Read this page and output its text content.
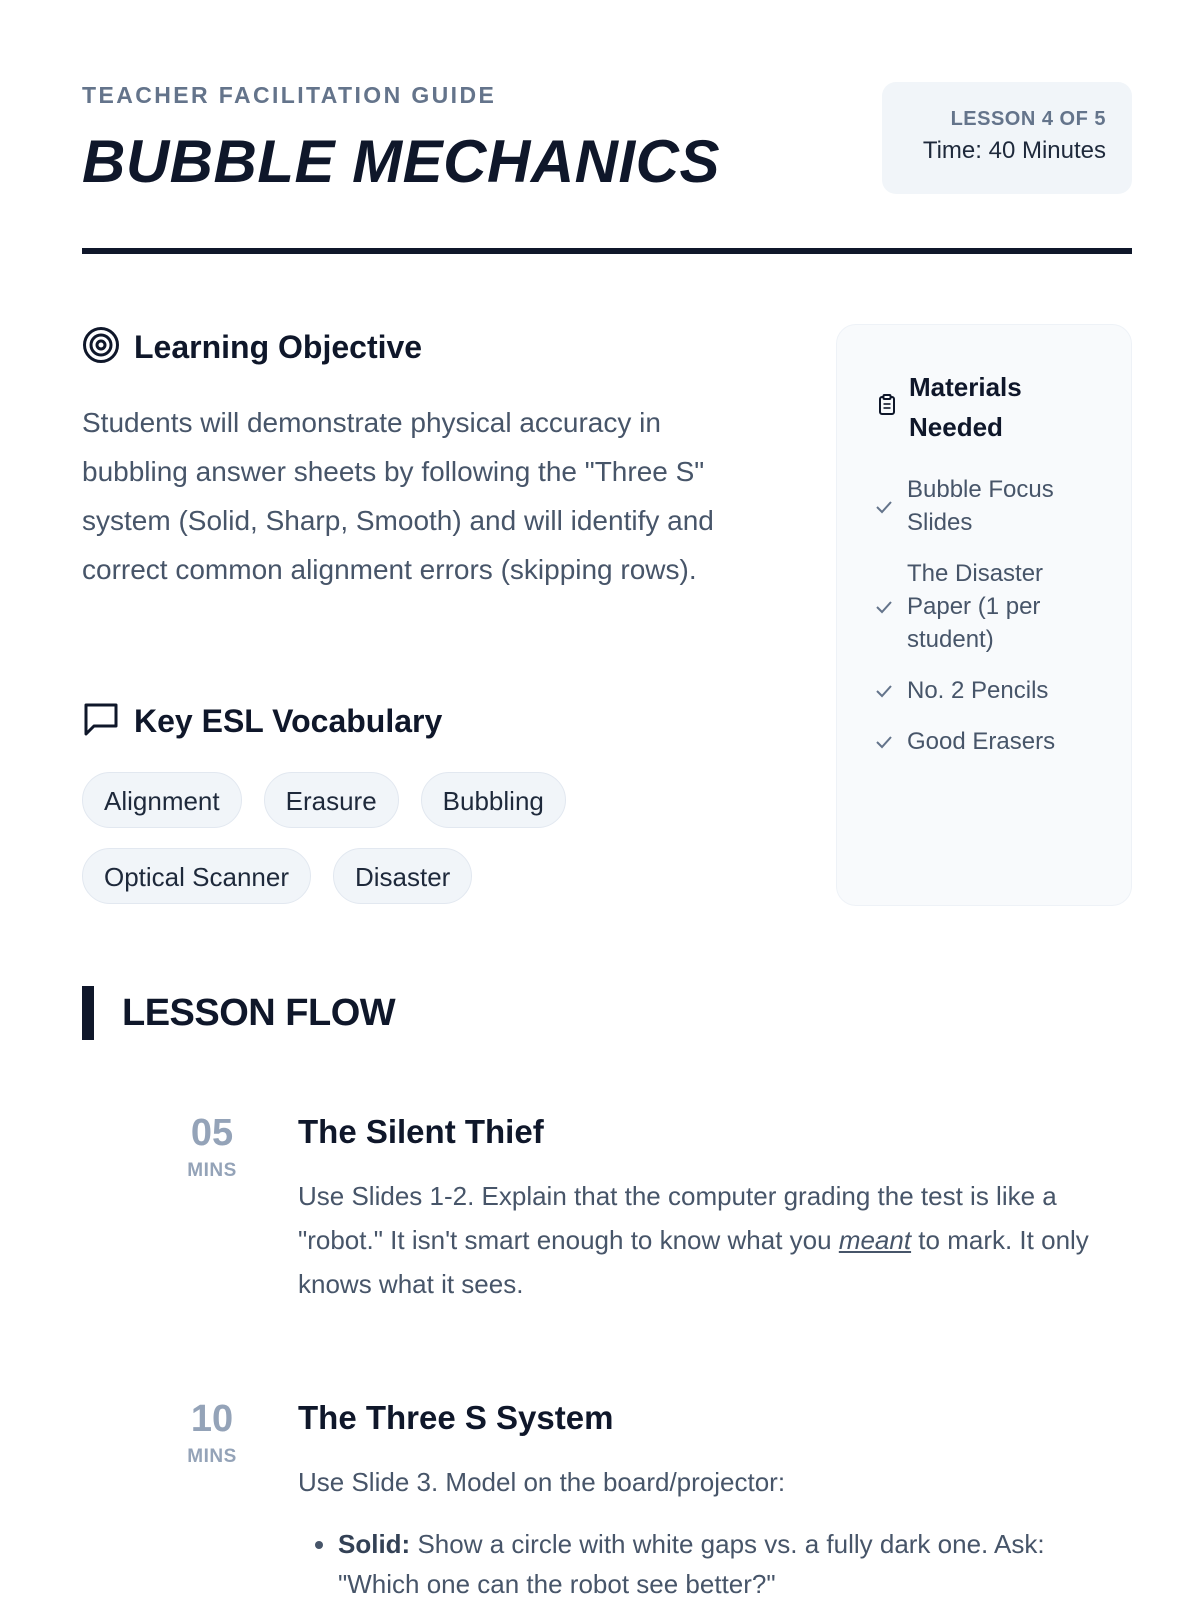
TEACHER FACILITATION GUIDE
BUBBLE MECHANICS
LESSON 4 OF 5
Time: 40 Minutes
Learning Objective

Students will demonstrate physical accuracy in bubbling answer sheets by following the "Three S" system (Solid, Sharp, Smooth) and will identify and correct common alignment errors (skipping rows).

Key ESL Vocabulary
Alignment	Erasure	Bubbling
Optical Scanner	Disaster
Materials Needed
Bubble Focus Slides
The Disaster Paper (1 per student)
No. 2 Pencils
Good Erasers
LESSON FLOW
05
MINS
The Silent Thief

Use Slides 1-2. Explain that the computer grading the test is like a "robot." It isn't smart enough to know what you meant to mark. It only knows what it sees.

10
MINS
The Three S System

Use Slide 3. Model on the board/projector:

• Solid: Show a circle with white gaps vs. a fully dark one. Ask: "Which one can the robot see better?"
